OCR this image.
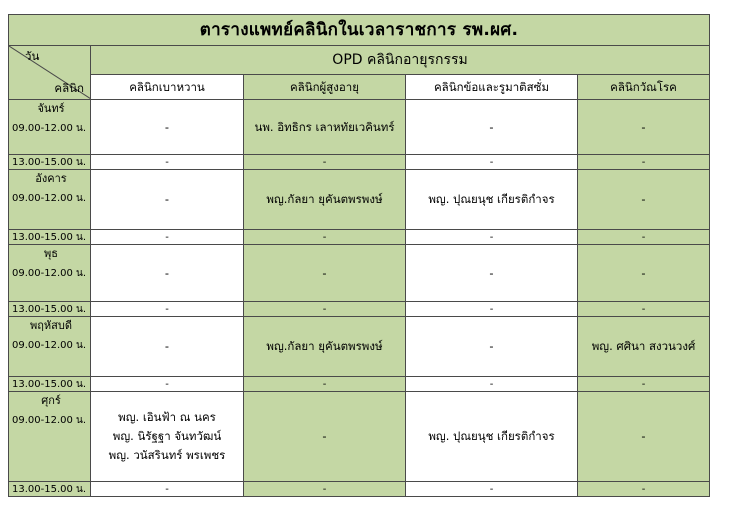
ตารางแพทย์คลินิกในเวลาราชการ รพ.ผศ.				

วัน
คลินิก	OPD คลินิกอายุรกรรม			
	คลินิกเบาหวาน	คลินิกผู้สูงอายุ	คลินิกข้อและรูมาติสซั่ม	คลินิกวัณโรค

จันทร์
09.00-12.00 น.	-	นพ. อิทธิกร เลาหทัยเวคินทร์	-	-
13.00-15.00 น.	-	-	-	-

อังคาร
09.00-12.00 น.	-	พญ.กัลยา ยุคันตพรพงษ์	พญ. ปุณยนุช เกียรติกำจร	-
13.00-15.00 น.	-	-	-	-

พุธ
09.00-12.00 น.	-	-	-	-
13.00-15.00 น.	-	-	-	-

พฤหัสบดี
09.00-12.00 น.	-	พญ.กัลยา ยุคันตพรพงษ์	-	พญ. ศศินา สงวนวงศ์
13.00-15.00 น.	-	-	-	-

ศุกร์
09.00-12.00 น.	พญ. เอินฟ้า ณ นคร
พญ. นิรัฐฐา จันทวัฒน์
พญ. วนัสรินทร์ พรเพชร	-	พญ. ปุณยนุช เกียรติกำจร	-
13.00-15.00 น.	-	-	-	-
